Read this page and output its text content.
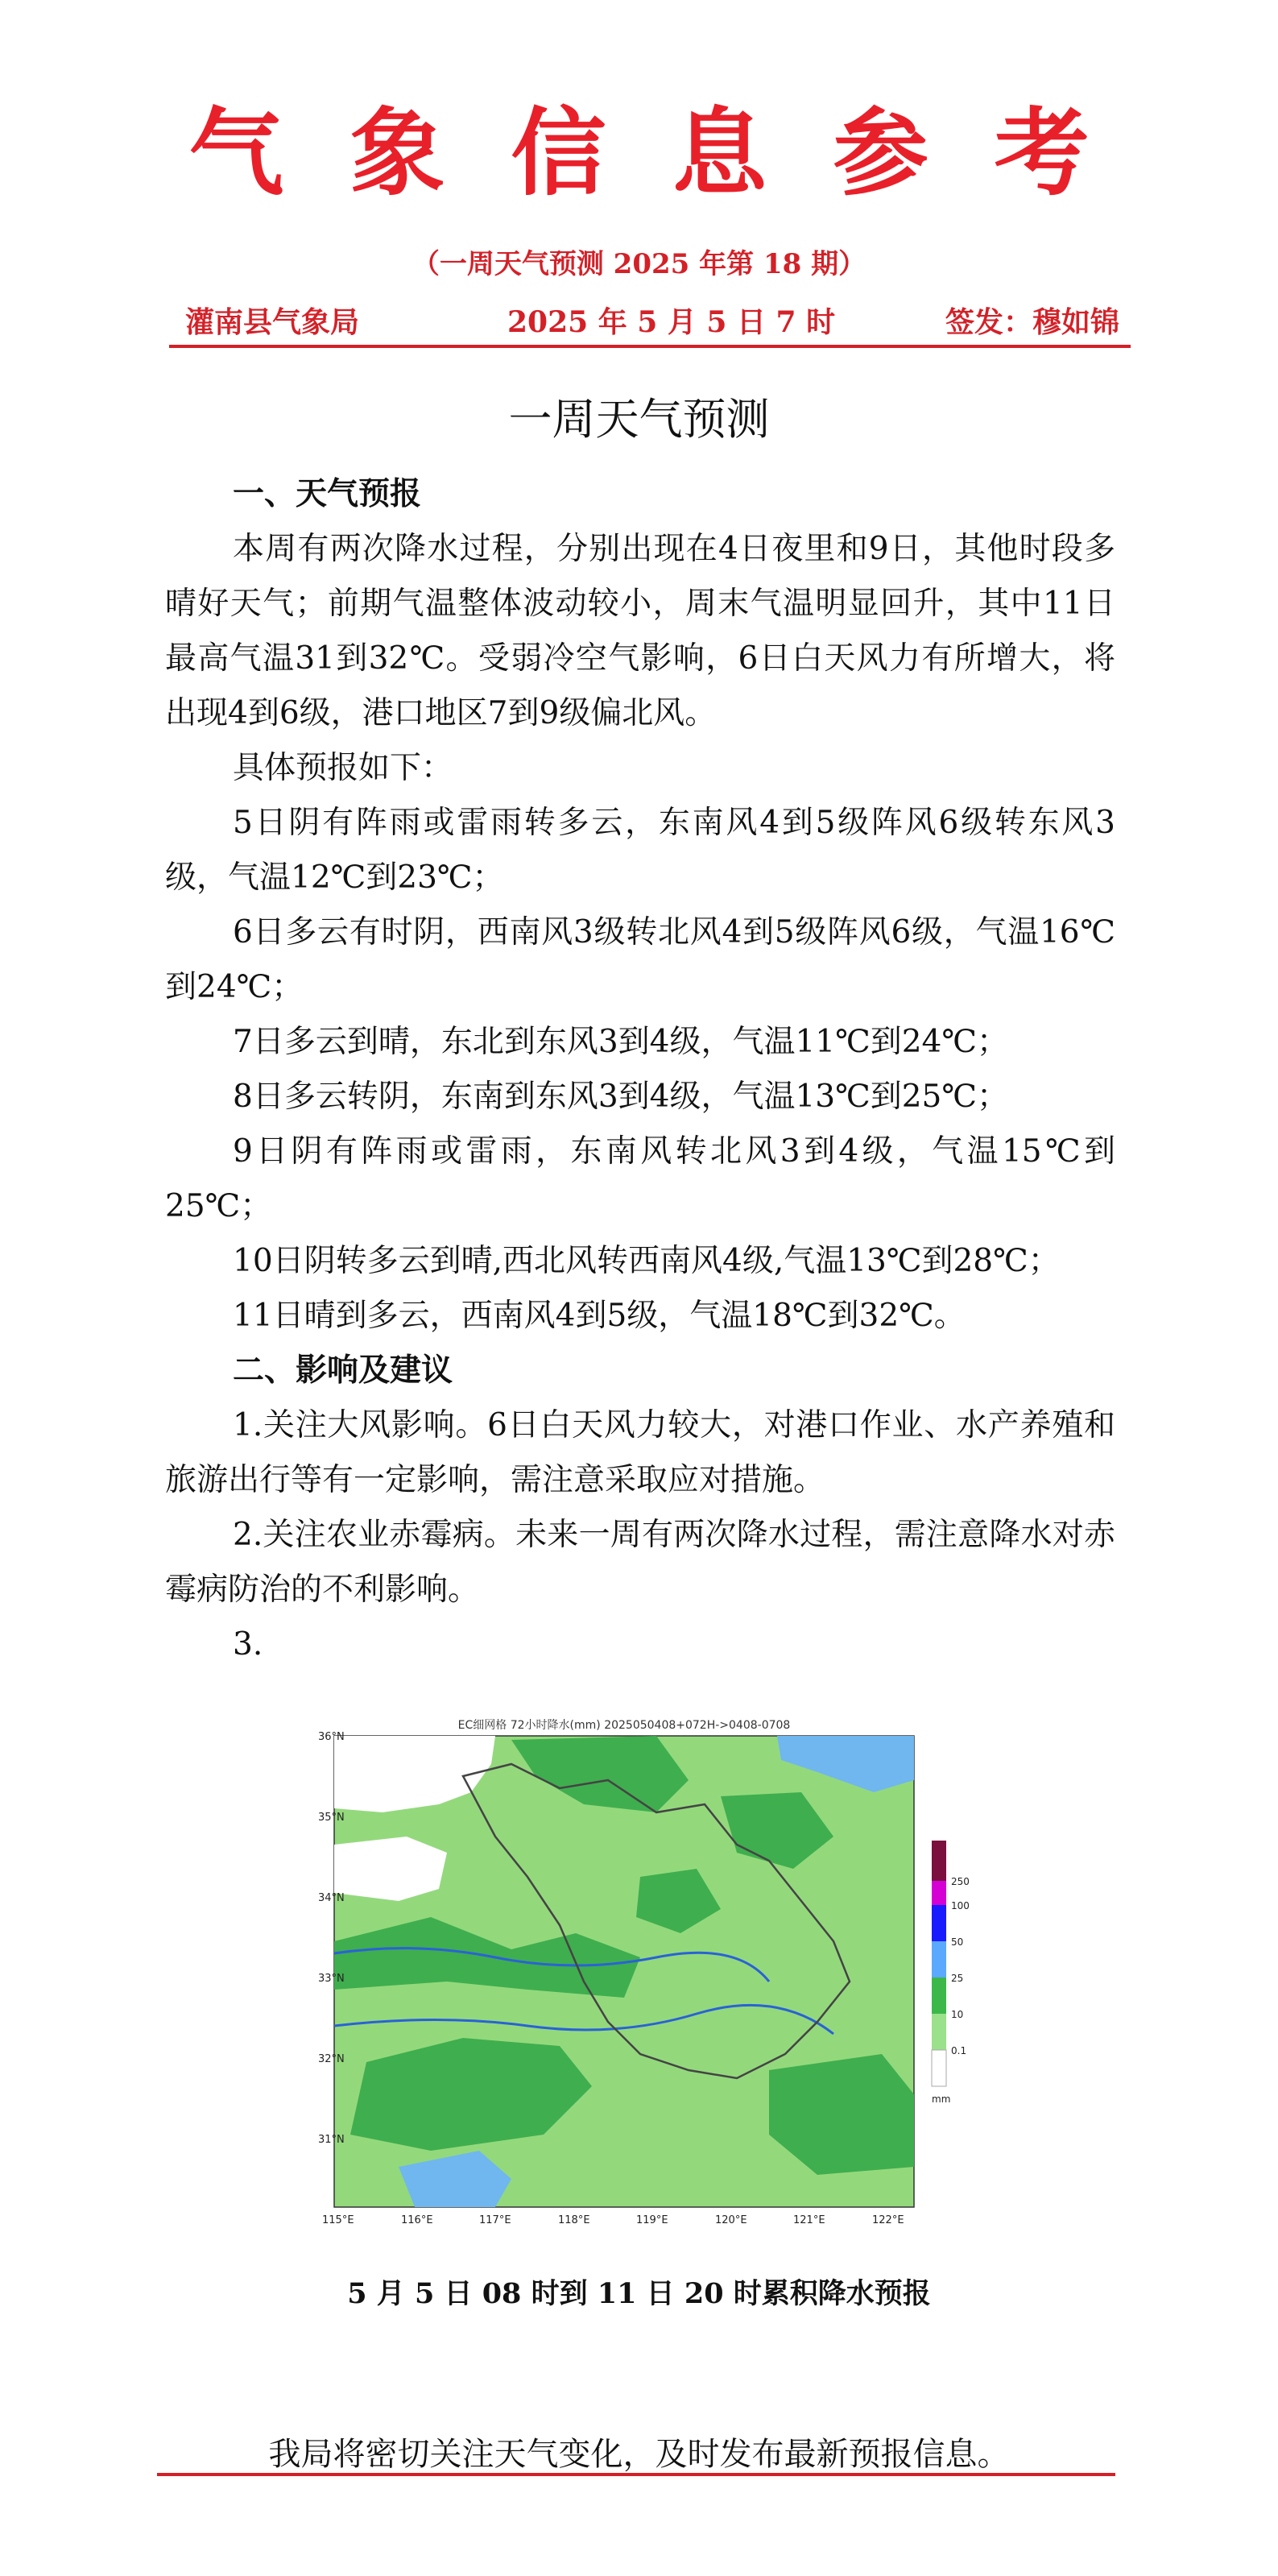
气象信息参考
（一周天气预测 2025 年第 18 期）
灌南县气象局	2025 年 5 月 5 日 7 时	签发：穆如锦
一周天气预测

一、天气预报

本周有两次降水过程，分别出现在4日夜里和9日，其他时段多晴好天气；前期气温整体波动较小，周末气温明显回升，其中11日最高气温31到32℃。受弱冷空气影响，6日白天风力有所增大，将出现4到6级，港口地区7到9级偏北风。

具体预报如下：

5日阴有阵雨或雷雨转多云，东南风4到5级阵风6级转东风3级，气温12℃到23℃；

6日多云有时阴，西南风3级转北风4到5级阵风6级，气温16℃到24℃；

7日多云到晴，东北到东风3到4级，气温11℃到24℃；

8日多云转阴，东南到东风3到4级，气温13℃到25℃；

9日阴有阵雨或雷雨，东南风转北风3到4级，气温15℃到25℃；

10日阴转多云到晴,西北风转西南风4级,气温13℃到28℃；

11日晴到多云，西南风4到5级，气温18℃到32℃。

二、影响及建议

1.关注大风影响。6日白天风力较大，对港口作业、水产养殖和旅游出行等有一定影响，需注意采取应对措施。

2.关注农业赤霉病。未来一周有两次降水过程，需注意降水对赤霉病防治的不利影响。

3.

EC细网格 72小时降水(mm) 2025050408+072H->0408-0708
36°N
35°N
34°N
33°N
32°N
31°N
115°E	116°E	117°E	118°E	119°E	120°E	121°E	122°E
250
100
50
25
10
0.1
mm
5 月 5 日 08 时到 11 日 20 时累积降水预报
我局将密切关注天气变化，及时发布最新预报信息。
